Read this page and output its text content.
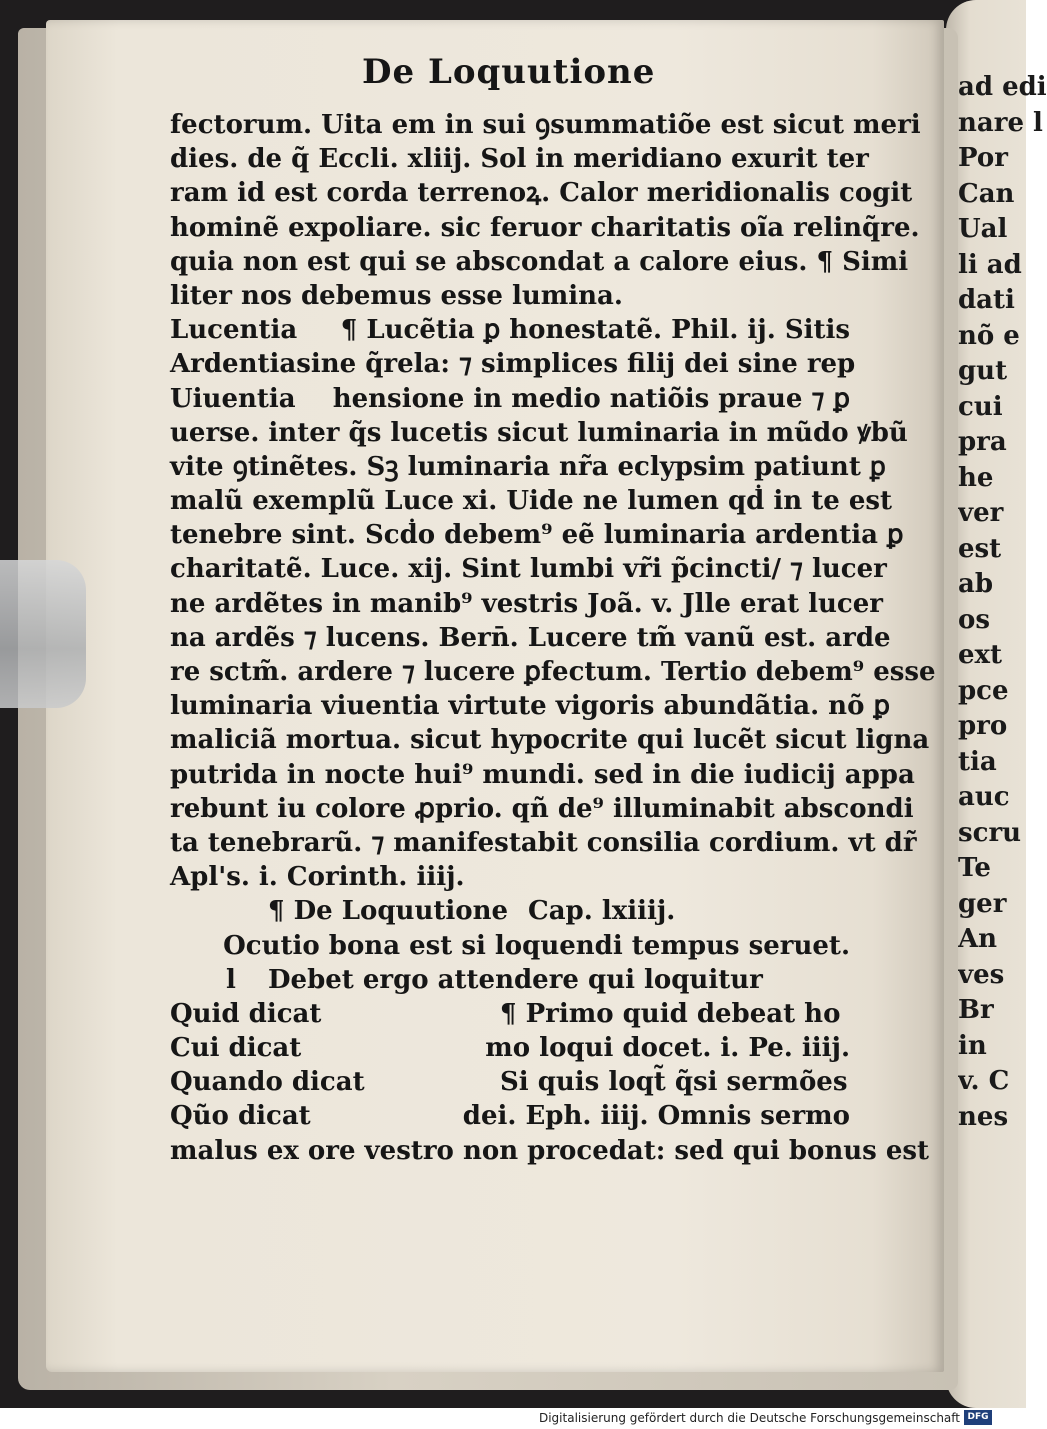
ad
nare l
Por
Can
Ual
li ad
dati
nõ
gut
cui
pra
he
ver
est
ab
os
ext
pce
pro
tia
auc
scru
Te
ger
An
ves
Br
in
v. C
nes
De Loquutione
fectorum. Uita em in sui ꝯsummatiõe est sicut meri
dies. de q̃ Eccli. xliij. Sol in meridiano exurit ter
ram id est corda terrenoꝝ. Calor meridionalis cogit
hominẽ expoliare. sic feruor charitatis oĩa relinq̃re.
quia non est qui se abscondat a calore eius. ¶ Simi
liter nos debemus esse lumina.
Lucentia	¶ Lucẽtia ꝑ honestatẽ. Phil. ij. Sitis
Ardentia sine q̃rela: ⁊ simplices filij dei sine rep
Uiuentia	hensione in medio natiõis praue ⁊ ꝑ
uerse. inter q̃s lucetis sicut luminaria in mũdo ꝟbũ
vite ꝯtinẽtes. Sꝫ luminaria nr̃a eclypsim patiunt ꝑ
malũ exemplũ Luce xi. Uide ne lumen qḋ in te est
tenebre sint. Scḋo debem⁹ eẽ luminaria ardentia ꝑ
charitatẽ. Luce. xij. Sint lumbi vr̃i p̃cincti/ ⁊ lucer
ne ardẽtes in manib⁹ vestris Joã. v. Jlle erat lucer
na ardẽs ⁊ lucens. Bern̄. Lucere tm̃ vanũ est. arde
re sctm̃. ardere ⁊ lucere ꝑfectum. Tertio debem⁹ esse
luminaria viuentia virtute vigoris abundãtia. nõ ꝑ
maliciã mortua. sicut hypocrite qui lucẽt sicut ligna
putrida in nocte hui⁹ mundi. sed in die iudicij appa
rebunt iu colore ꝓprio. qñ de⁹ illuminabit abscondi
ta tenebrarũ. ⁊ manifestabit consilia cordium. vt dr̃
Apl's. i. Corinth. iiij.
¶ De Loquutione Cap. lxiiij.
Ocutio bona est si loquendi tempus seruet.
l Debet ergo attendere qui loquitur
Quid dicat	¶ Primo quid debeat ho
Cui dicat	mo loqui docet. i. Pe. iiij.
Quando dicat	Si quis loqt̃ q̃si sermões
Qũo dicat	dei. Eph. iiij. Omnis sermo
malus ex ore vestro non procedat: sed qui bonus est
Digitalisierung gefördert durch die Deutsche Forschungsgemeinschaft DFG
